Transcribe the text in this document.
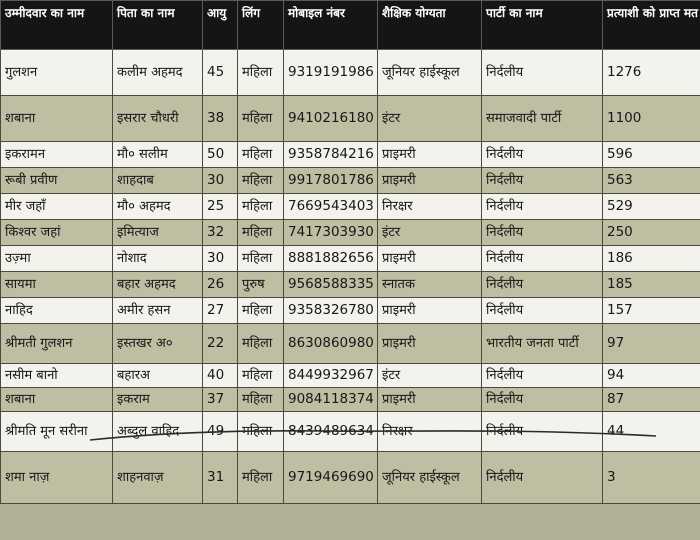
उम्मीदवार का नाम	पिता का नाम	आयु	लिंग	मोबाइल नंबर	शैक्षिक योग्यता	पार्टी का नाम	प्रत्याशी को प्राप्त मत
गुलशन	कलीम अहमद	45	महिला	9319191986	जूनियर हाईस्कूल	निर्दलीय	1276
शबाना	इसरार चौधरी	38	महिला	9410216180	इंटर	समाजवादी पार्टी	1100
इकरामन	मौ० सलीम	50	महिला	9358784216	प्राइमरी	निर्दलीय	596
रूबी प्रवीण	शाहदाब	30	महिला	9917801786	प्राइमरी	निर्दलीय	563
मीर जहाँ	मौ० अहमद	25	महिला	7669543403	निरक्षर	निर्दलीय	529
किश्वर जहां	इमित्याज	32	महिला	7417303930	इंटर	निर्दलीय	250
उज़्मा	नोशाद	30	महिला	8881882656	प्राइमरी	निर्दलीय	186
सायमा	बहार अहमद	26	पुरुष	9568588335	स्नातक	निर्दलीय	185
नाहिद	अमीर हसन	27	महिला	9358326780	प्राइमरी	निर्दलीय	157
श्रीमती गुलशन	इस्तखर अ०	22	महिला	8630860980	प्राइमरी	भारतीय जनता पार्टी	97
नसीम बानो	बहारअ	40	महिला	8449932967	इंटर	निर्दलीय	94
शबाना	इकराम	37	महिला	9084118374	प्राइमरी	निर्दलीय	87
श्रीमति मून सरीना	अब्दुल वाहिद	49	महिला	8439489634	निरक्षर	निर्दलीय	44
शमा नाज़	शाहनवाज़	31	महिला	9719469690	जूनियर हाईस्कूल	निर्दलीय	3
